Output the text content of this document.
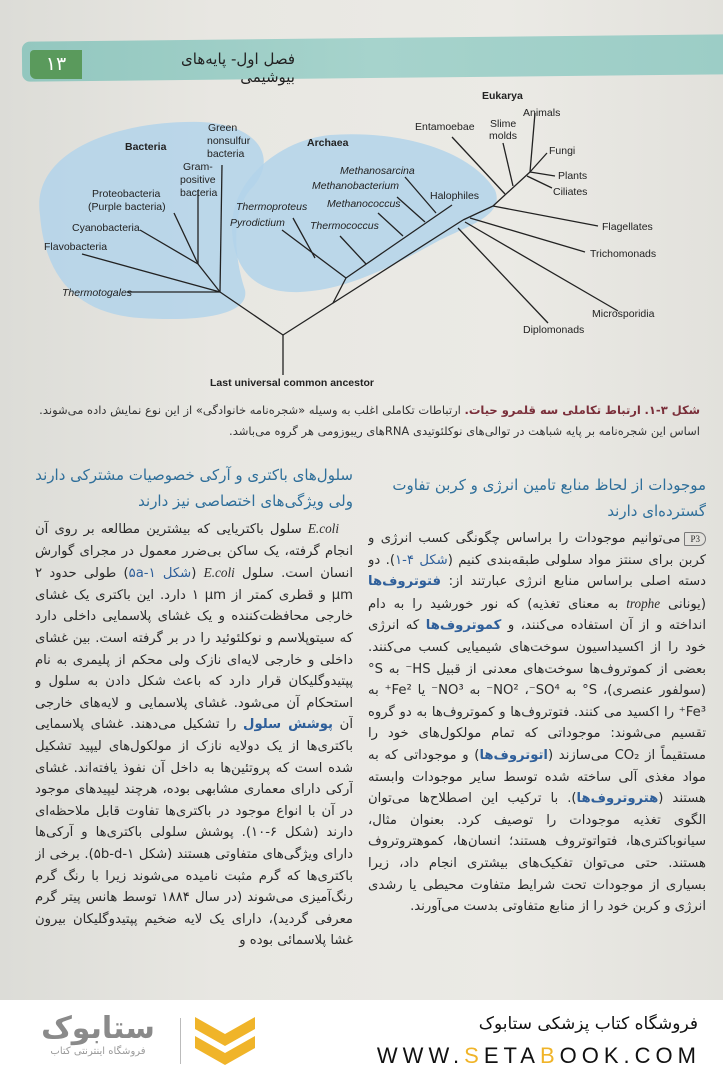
۱۳	فصل اول- پایه‌های بیوشیمی
Bacteria	Archaea
Eukarya
Thermotogales
Flavobacteria
Cyanobacteria
Proteobacteria
(Purple bacteria)
Gram-
positive
bacteria
Green
nonsulfur
bacteria
Pyrodictium
Thermoproteus
Thermococcus
Methanococcus
Methanobacterium
Methanosarcina
Halophiles
Entamoebae Slime
molds
Animals
Fungi
Plants
Ciliates
Flagellates
Trichomonads
Microsporidia
Diplomonads
Last universal common ancestor
شکل ۳-۱. ارتباط تکاملی سه قلمرو حیات. ارتباطات تکاملی اغلب به وسیله «شجره‌نامه خانوادگی» از این نوع نمایش داده می‌شوند. اساس این شجره‌نامه بر پایه شباهت در توالی‌های نوکلئوتیدی RNAهای ریبوزومی هر گروه می‌باشد.
موجودات از لحاظ منابع تامین انرژی و کربن تفاوت گسترده‌ای دارند
P3می‌توانیم موجودات را براساس چگونگی کسب انرژی و کربن برای سنتز مواد سلولی طبقه‌بندی کنیم (شکل ۴-۱). دو دسته اصلی براساس منابع انرژی عبارتند از: فتوتروف‌ها (یونانی trophe به معنای تغذیه) که نور خورشید را به دام انداخته و از آن استفاده می‌کنند، و کموتروف‌ها که انرژی خود را از اکسیداسیون سوخت‌های شیمیایی کسب می‌کنند. بعضی از کموتروف‌ها سوخت‌های معدنی از قبیل ‎HS⁻‏ به ‎S°‏ (سولفور عنصری)، ‎S°‏ به ‎SO⁴⁻‏، ‎NO²⁻‏ به ‎NO³⁻‏ یا ‎Fe²⁺‏ به ‎Fe³⁺‏ را اکسید می کنند. فتوتروف‌ها و کموتروف‌ها به دو گروه تقسیم می‌شوند: موجوداتی که تمام مولکول‌های خود را مستقیماً از ‎CO₂‏ می‌سازند (اتوتروف‌ها) و موجوداتی که به مواد مغذی آلی ساخته شده توسط سایر موجودات وابسته هستند (هتروتروف‌ها). با ترکیب این اصطلاح‌ها می‌توان الگوی تغذیه موجودات را توصیف کرد. بعنوان مثال، سیانوباکتری‌ها، فتواتوتروف هستند؛ انسان‌ها، کموهتروتروف هستند. حتی می‌توان تفکیک‌های بیشتری انجام داد، زیرا بسیاری از موجودات تحت شرایط متفاوت محیطی یا رشدی انرژی و کربن خود را از منابع متفاوتی بدست می‌آورند.
سلول‌های باکتری و آرکی خصوصیات مشترکی دارند ولی ویژگی‌های اختصاصی نیز دارند
E.coli سلول باکتریایی که بیشترین مطالعه بر روی آن انجام گرفته، یک ساکن بی‌ضرر معمول در مجرای گوارش انسان است. سلول E.coli (شکل ۵a-۱) طولی حدود ‎۲ μm‏ و قطری کمتر از ‎۱ μm‏ دارد. این باکتری یک غشای خارجی محافظت‌کننده و یک غشای پلاسمایی داخلی دارد که سیتوپلاسم و نوکلئوئید را در بر گرفته است. بین غشای داخلی و خارجی لایه‌ای نازک ولی محکم از پلیمری به نام پپتیدوگلیکان قرار دارد که باعث شکل دادن به سلول و استحکام آن می‌شود. غشای پلاسمایی و لایه‌های خارجی آن پوشش سلول را تشکیل می‌دهند. غشای پلاسمایی باکتری‌ها از یک دولایه نازک از مولکول‌های لیپید تشکیل شده است که پروتئین‌ها به داخل آن نفوذ یافته‌اند. غشای آرکی دارای معماری مشابهی بوده، هرچند لیپیدهای موجود در آن با انواع موجود در باکتری‌ها تفاوت قابل ملاحظه‌ای دارند (شکل ۶-۱۰). پوشش سلولی باکتری‌ها و آرکی‌ها دارای ویژگی‌های متفاوتی هستند (شکل ۵b-d-۱). برخی از باکتری‌ها که گرم مثبت نامیده می‌شوند زیرا با رنگ گرم رنگ‌آمیزی می‌شوند (در سال ۱۸۸۴ توسط هانس پیتر گرم معرفی گردید)، دارای یک لایه ضخیم پپتیدوگلیکان بیرون غشا پلاسمائی بوده و
ستابوک
فروشگاه اینترنتی کتاب
فروشگاه کتاب پزشکی ستابوک
WWW.SETABOOK.COM
